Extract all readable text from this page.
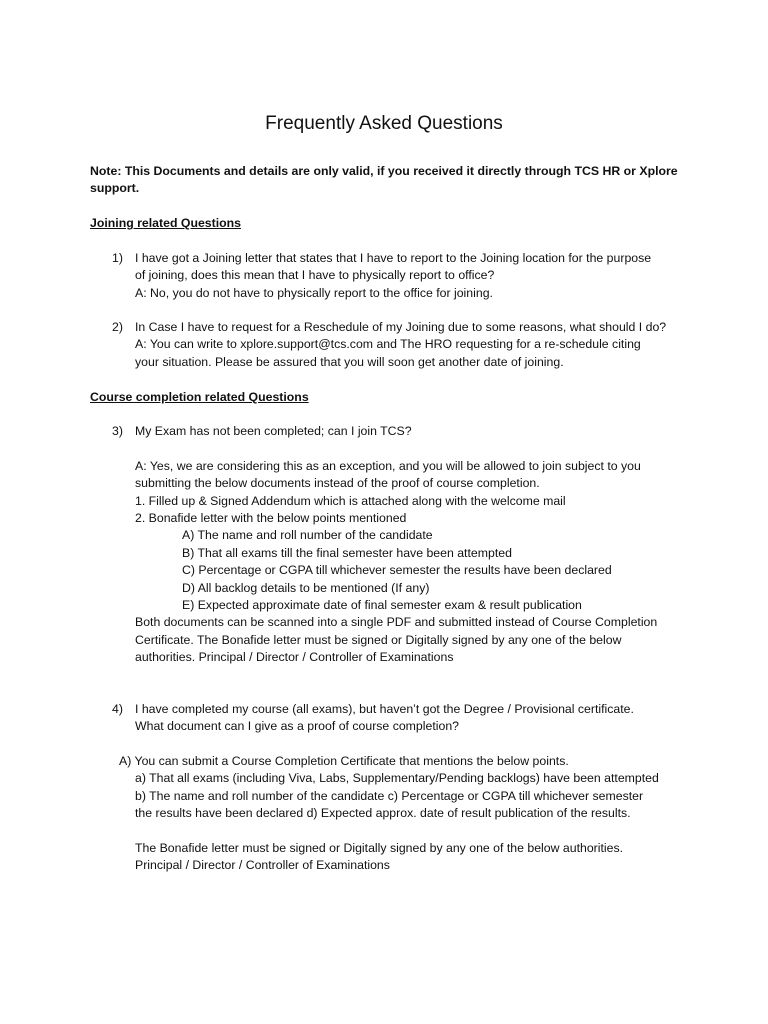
Frequently Asked Questions
Note: This Documents and details are only valid, if you received it directly through TCS HR or Xplore
support.
Joining related Questions
1) I have got a Joining letter that states that I have to report to the Joining location for the purpose
of joining, does this mean that I have to physically report to office?
A: No, you do not have to physically report to the office for joining.
2) In Case I have to request for a Reschedule of my Joining due to some reasons, what should I do?
A: You can write to xplore.support@tcs.com and The HRO requesting for a re-schedule citing
your situation. Please be assured that you will soon get another date of joining.
Course completion related Questions
3) My Exam has not been completed; can I join TCS?
A: Yes, we are considering this as an exception, and you will be allowed to join subject to you
submitting the below documents instead of the proof of course completion.
1. Filled up & Signed Addendum which is attached along with the welcome mail
2. Bonafide letter with the below points mentioned
A) The name and roll number of the candidate
B) That all exams till the final semester have been attempted
C) Percentage or CGPA till whichever semester the results have been declared
D) All backlog details to be mentioned (If any)
E) Expected approximate date of final semester exam & result publication
Both documents can be scanned into a single PDF and submitted instead of Course Completion
Certificate. The Bonafide letter must be signed or Digitally signed by any one of the below
authorities. Principal / Director / Controller of Examinations
4) I have completed my course (all exams), but haven’t got the Degree / Provisional certificate.
What document can I give as a proof of course completion?
A) You can submit a Course Completion Certificate that mentions the below points.
a) That all exams (including Viva, Labs, Supplementary/Pending backlogs) have been attempted
b) The name and roll number of the candidate c) Percentage or CGPA till whichever semester
the results have been declared d) Expected approx. date of result publication of the results.
The Bonafide letter must be signed or Digitally signed by any one of the below authorities.
Principal / Director / Controller of Examinations
